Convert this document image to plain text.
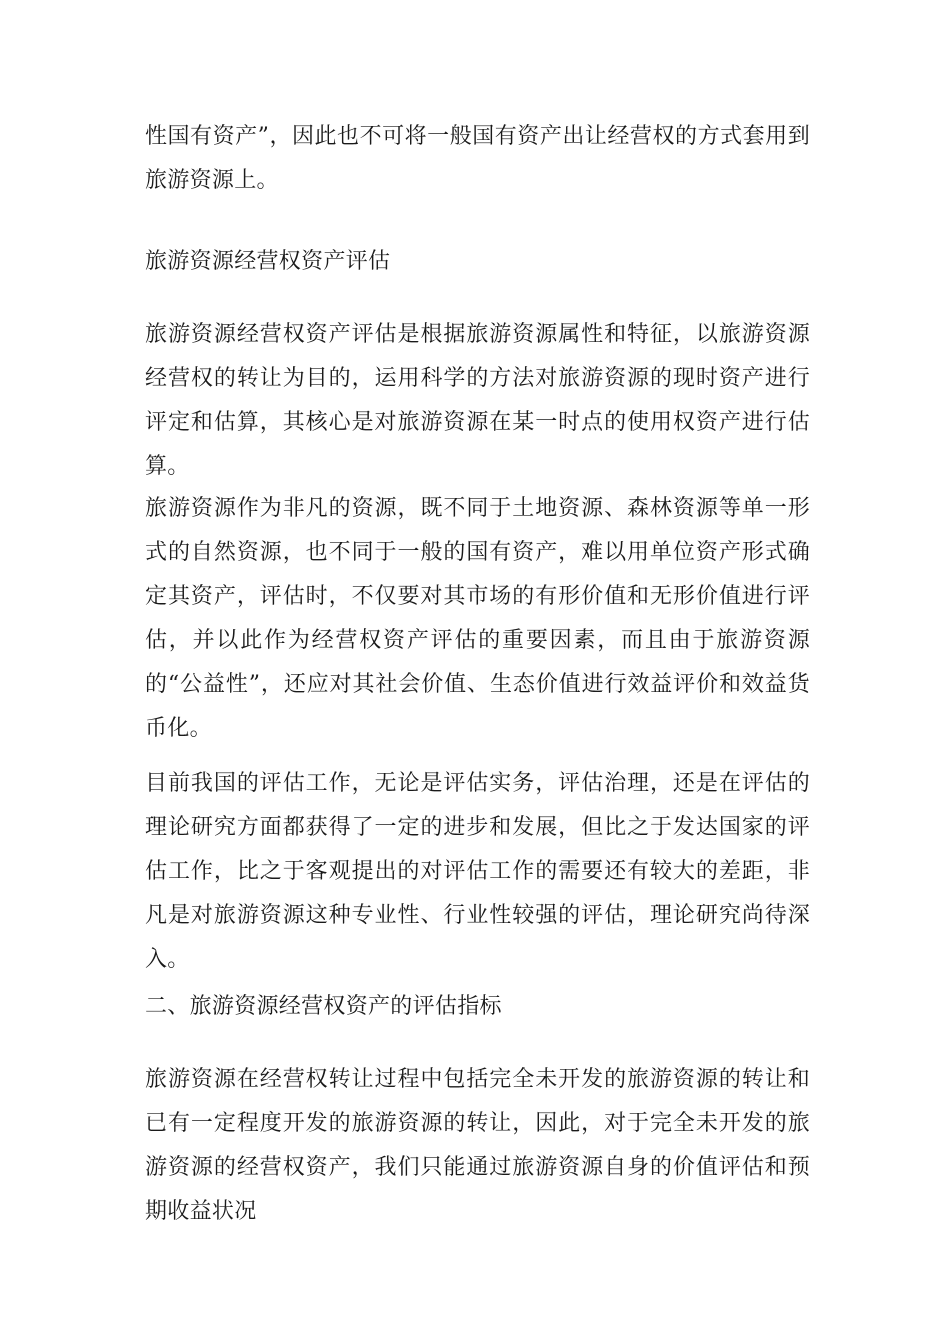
性国有资产”，因此也不可将一般国有资产出让经营权的方式套用到旅游资源上。

旅游资源经营权资产评估

旅游资源经营权资产评估是根据旅游资源属性和特征，以旅游资源经营权的转让为目的，运用科学的方法对旅游资源的现时资产进行评定和估算，其核心是对旅游资源在某一时点的使用权资产进行估算。

旅游资源作为非凡的资源，既不同于土地资源、森林资源等单一形式的自然资源，也不同于一般的国有资产，难以用单位资产形式确定其资产，评估时，不仅要对其市场的有形价值和无形价值进行评估，并以此作为经营权资产评估的重要因素，而且由于旅游资源的“公益性”，还应对其社会价值、生态价值进行效益评价和效益货币化。

目前我国的评估工作，无论是评估实务，评估治理，还是在评估的理论研究方面都获得了一定的进步和发展，但比之于发达国家的评估工作，比之于客观提出的对评估工作的需要还有较大的差距，非凡是对旅游资源这种专业性、行业性较强的评估，理论研究尚待深入。

二、旅游资源经营权资产的评估指标

旅游资源在经营权转让过程中包括完全未开发的旅游资源的转让和已有一定程度开发的旅游资源的转让，因此，对于完全未开发的旅游资源的经营权资产，我们只能通过旅游资源自身的价值评估和预期收益状况
